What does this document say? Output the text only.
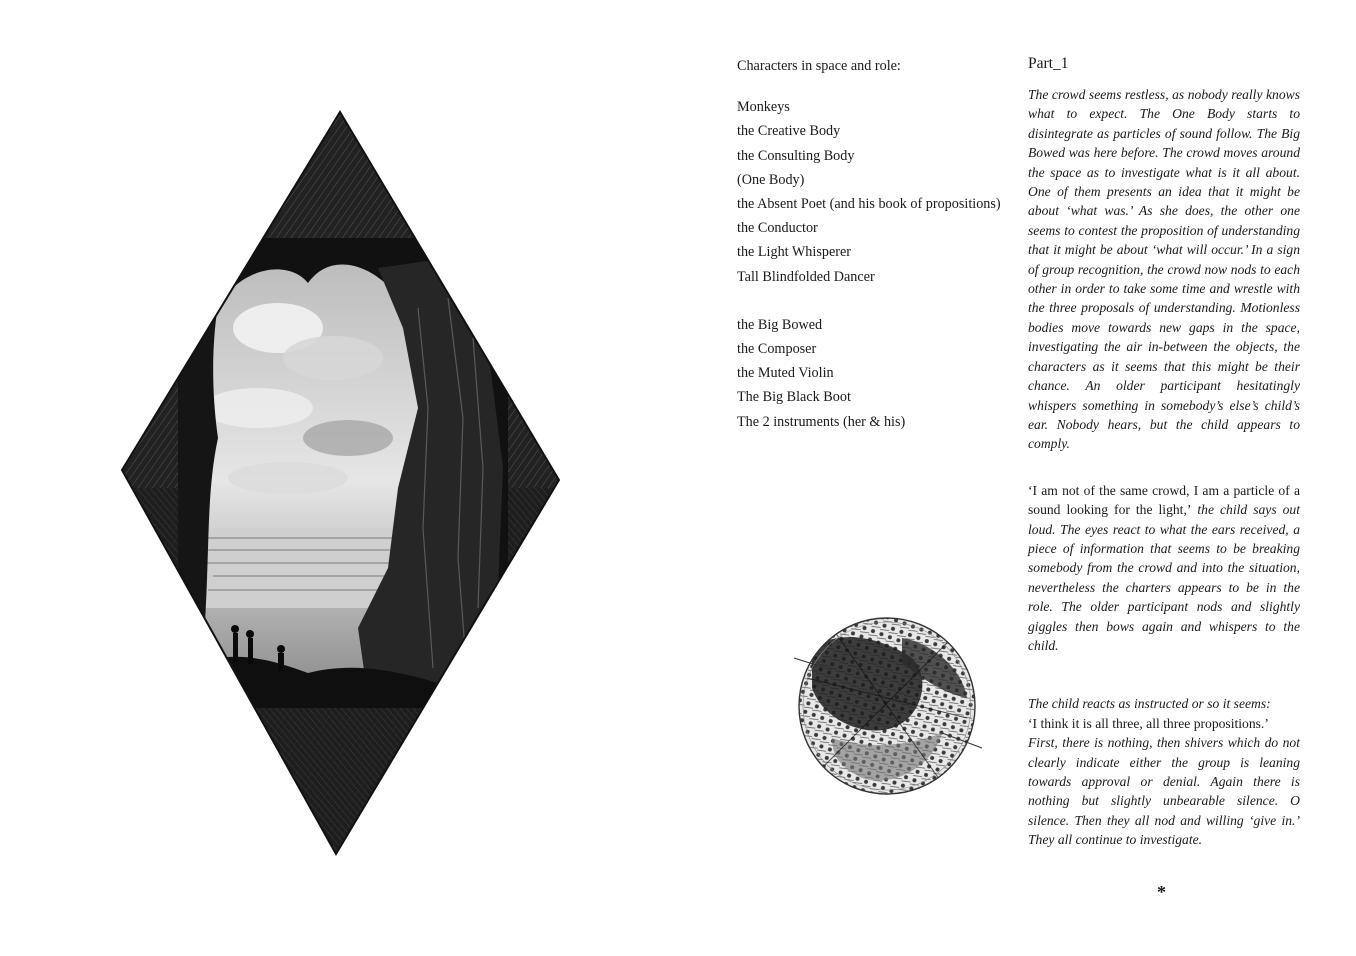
Characters in space and role:
Monkeys
the Creative Body
the Consulting Body
(One Body)
the Absent Poet (and his book of propositions)
the Conductor
the Light Whisperer
Tall Blindfolded Dancer
the Big Bowed
the Composer
the Muted Violin
The Big Black Boot
The 2 instruments (her & his)
Part_1

The crowd seems restless, as nobody really knows what to expect. The One Body starts to disintegrate as particles of sound follow. The Big Bowed was here before. The crowd moves around the space as to investigate what is it all about. One of them presents an idea that it might be about ‘what was.’ As she does, the other one seems to contest the proposition of understanding that it might be about ‘what will occur.’ In a sign of group recognition, the crowd now nods to each other in order to take some time and wrestle with the three proposals of understanding. Motionless bodies move towards new gaps in the space, investigating the air in-between the objects, the characters as it seems that this might be their chance. An older participant hesitatingly whispers something in somebody’s else’s child’s ear. Nobody hears, but the child appears to comply.

‘I am not of the same crowd, I am a particle of a sound looking for the light,’ the child says out loud. The eyes react to what the ears received, a piece of information that seems to be breaking somebody from the crowd and into the situation, nevertheless the charters appears to be in the role. The older participant nods and slightly giggles then bows again and whispers to the child.

The child reacts as instructed or so it seems:
‘I think it is all three, all three propositions.’
First, there is nothing, then shivers which do not clearly indicate either the group is leaning towards approval or denial. Again there is nothing but slightly unbearable silence. O silence. Then they all nod and willing ‘give in.’ They all continue to investigate.

*
